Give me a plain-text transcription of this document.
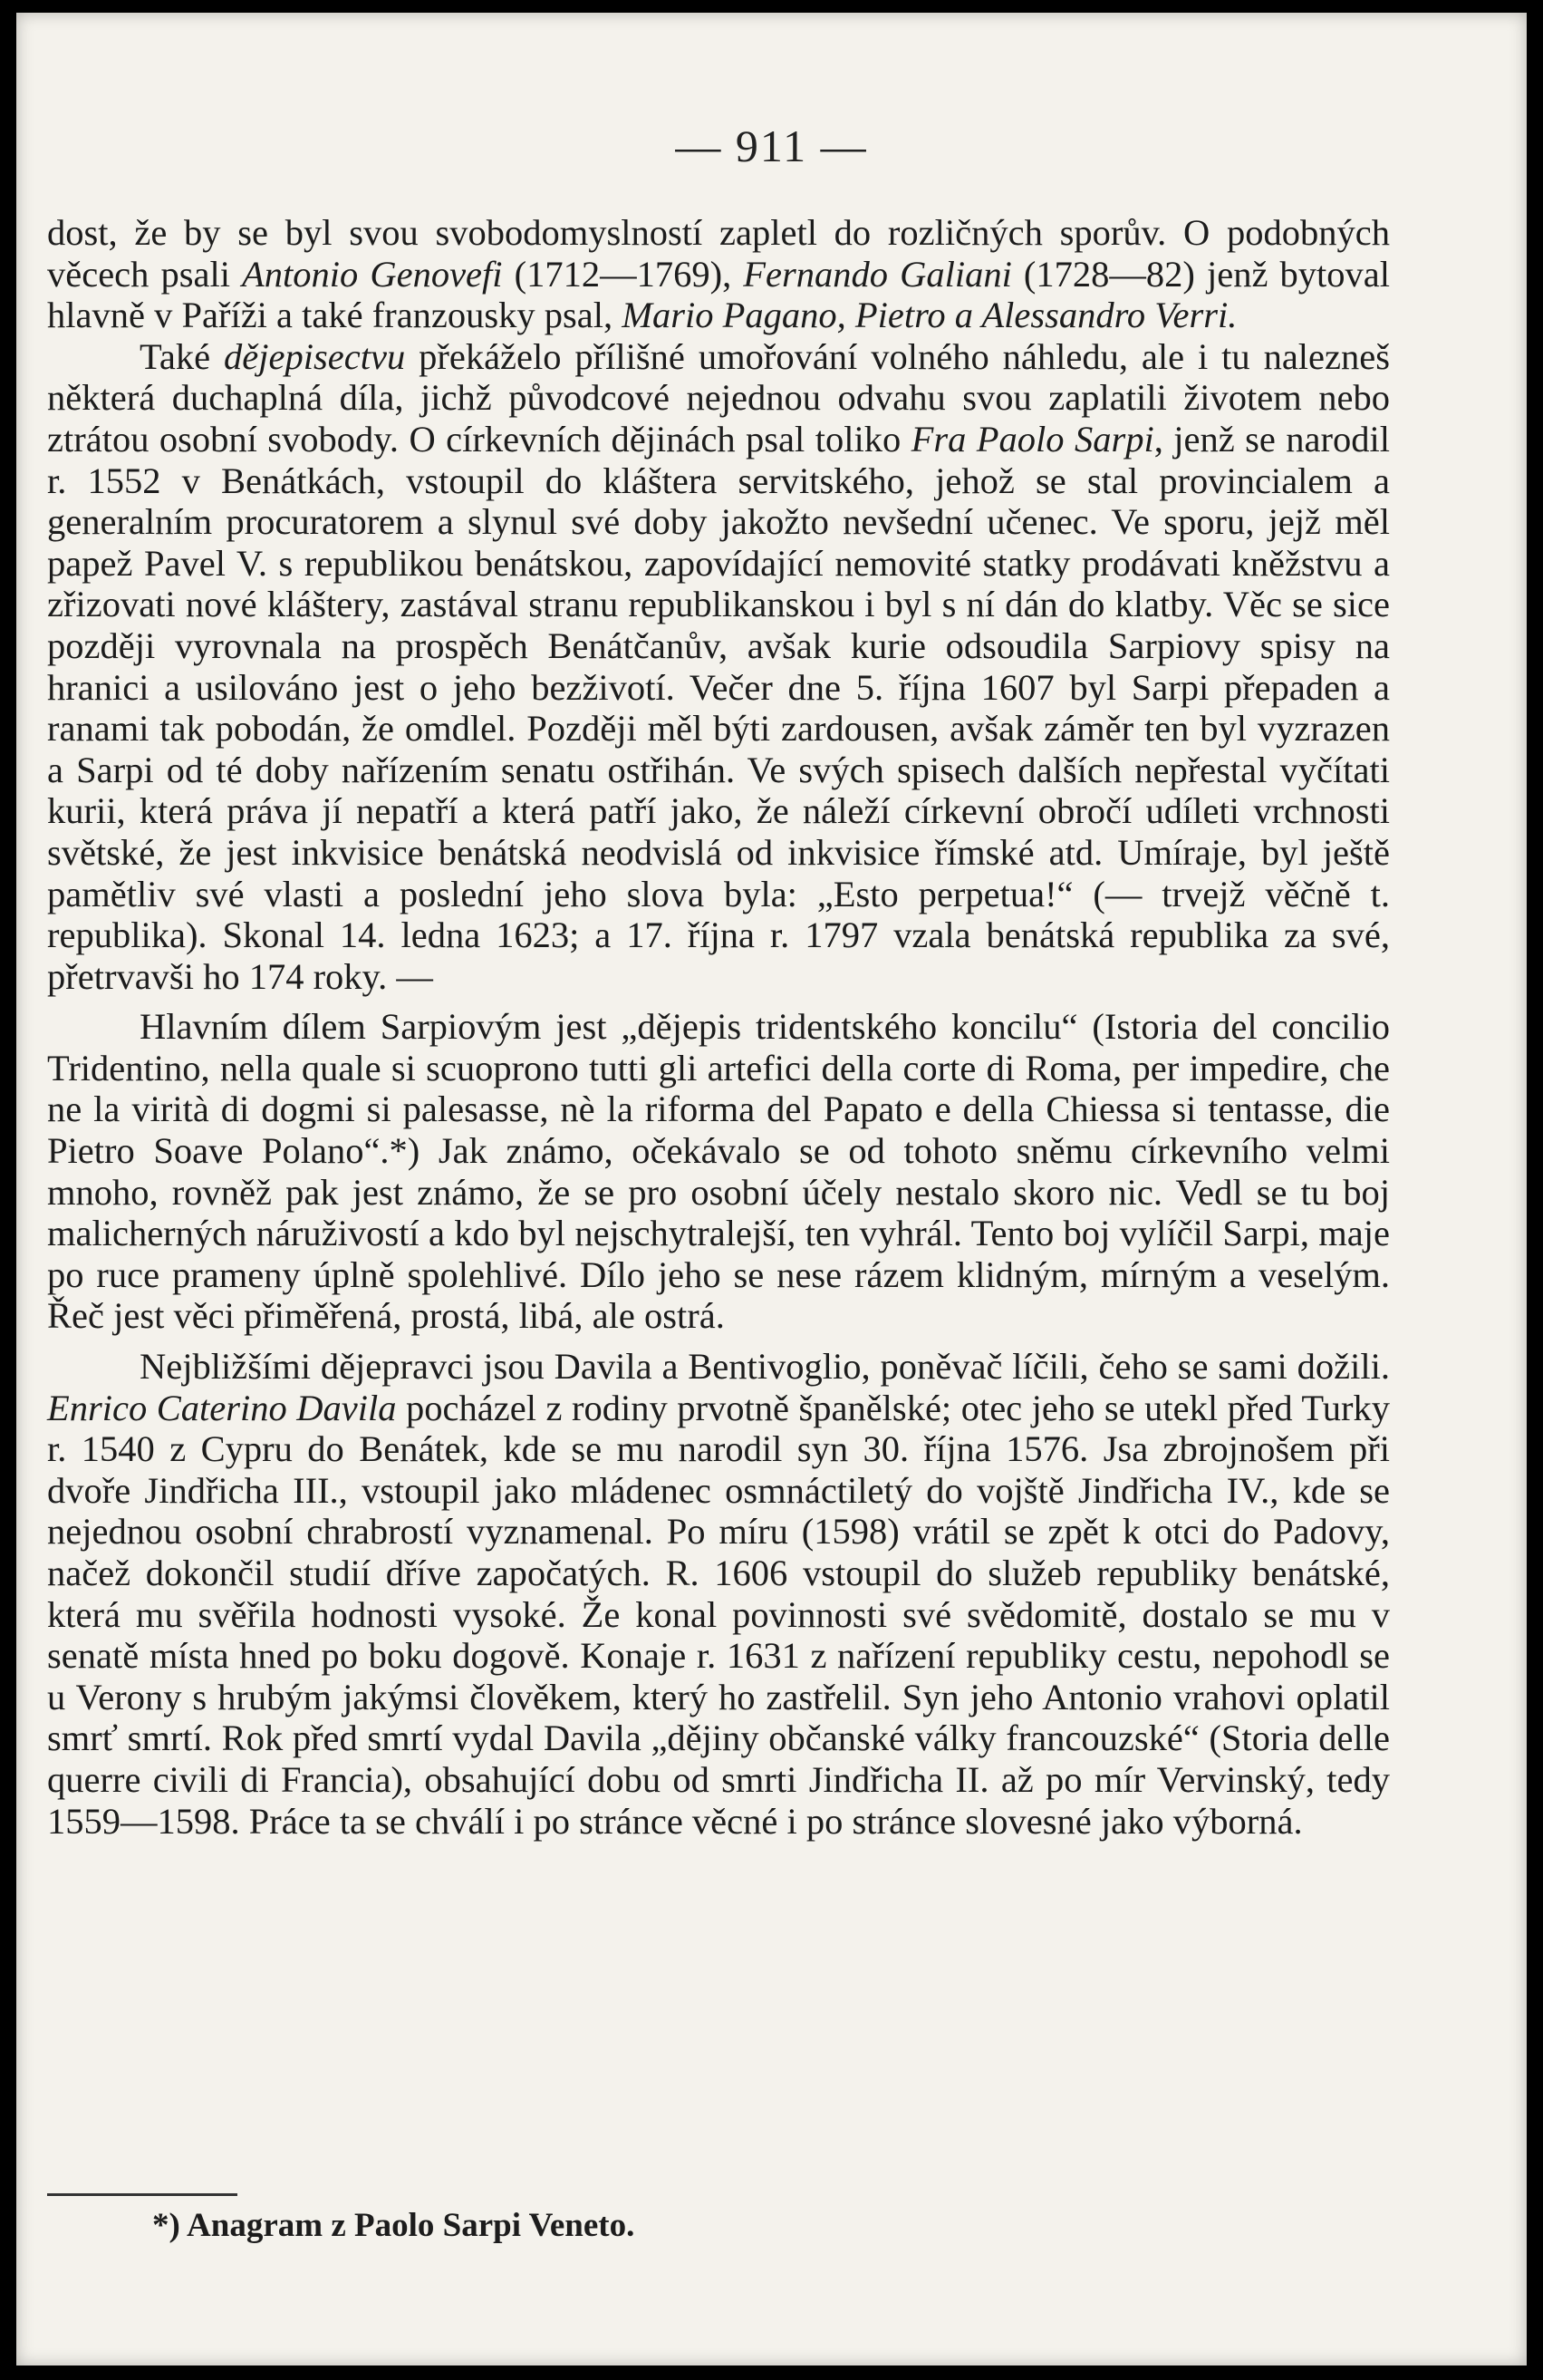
— 911 —

dost, že by se byl svou svobodomyslností zapletl do rozličných sporův. O podobných věcech psali Antonio Genovefi (1712—1769), Fernando Galiani (1728—82) jenž bytoval hlavně v Paříži a také franzousky psal, Mario Pagano, Pietro a Alessandro Verri.

Také dějepisectvu překáželo přílišné umořování volného náhledu, ale i tu nalezneš některá duchaplná díla, jichž původcové nejednou odvahu svou zaplatili životem nebo ztrátou osobní svobody. O církevních dějinách psal toliko Fra Paolo Sarpi, jenž se narodil r. 1552 v Benátkách, vstoupil do kláštera servitského, jehož se stal provincialem a generalním procuratorem a slynul své doby jakožto nevšední učenec. Ve sporu, jejž měl papež Pavel V. s republikou benátskou, zapovídající nemovité statky prodávati kněžstvu a zřizovati nové kláštery, zastával stranu republikanskou i byl s ní dán do klatby. Věc se sice později vyrovnala na prospěch Benátčanův, avšak kurie odsoudila Sarpiovy spisy na hranici a usilováno jest o jeho bezživotí. Večer dne 5. října 1607 byl Sarpi přepaden a ranami tak pobodán, že omdlel. Později měl býti zardousen, avšak záměr ten byl vyzrazen a Sarpi od té doby nařízením senatu ostřihán. Ve svých spisech dalších nepřestal vyčítati kurii, která práva jí nepatří a která patří jako, že náleží církevní obročí udíleti vrchnosti světské, že jest inkvisice benátská neodvislá od inkvisice římské atd. Umíraje, byl ještě pamětliv své vlasti a poslední jeho slova byla: „Esto perpetua!“ (— trvejž věčně t. republika). Skonal 14. ledna 1623; a 17. října r. 1797 vzala benátská republika za své, přetrvavši ho 174 roky. —

Hlavním dílem Sarpiovým jest „dějepis tridentského koncilu“ (Istoria del concilio Tridentino, nella quale si scuoprono tutti gli artefici della corte di Roma, per impedire, che ne la virità di dogmi si palesasse, nè la riforma del Papato e della Chiessa si tentasse, die Pietro Soave Polano“.*) Jak známo, očekávalo se od tohoto sněmu církevního velmi mnoho, rovněž pak jest známo, že se pro osobní účely nestalo skoro nic. Vedl se tu boj malicherných náruživostí a kdo byl nejschytralejší, ten vyhrál. Tento boj vylíčil Sarpi, maje po ruce prameny úplně spolehlivé. Dílo jeho se nese rázem klidným, mírným a veselým. Řeč jest věci přiměřená, prostá, libá, ale ostrá.

Nejbližšími dějepravci jsou Davila a Bentivoglio, poněvač líčili, čeho se sami dožili. Enrico Caterino Davila pocházel z rodiny prvotně španělské; otec jeho se utekl před Turky r. 1540 z Cypru do Benátek, kde se mu narodil syn 30. října 1576. Jsa zbrojnošem při dvoře Jindřicha III., vstoupil jako mládenec osmnáctiletý do vojště Jindřicha IV., kde se nejednou osobní chrabrostí vyznamenal. Po míru (1598) vrátil se zpět k otci do Padovy, načež dokončil studií dříve započatých. R. 1606 vstoupil do služeb republiky benátské, která mu svěřila hodnosti vysoké. Že konal povinnosti své svědomitě, dostalo se mu v senatě místa hned po boku dogově. Konaje r. 1631 z nařízení republiky cestu, nepohodl se u Verony s hrubým jakýmsi člověkem, který ho zastřelil. Syn jeho Antonio vrahovi oplatil smrť smrtí. Rok před smrtí vydal Davila „dějiny občanské války francouzské“ (Storia delle querre civili di Francia), obsahující dobu od smrti Jindřicha II. až po mír Vervinský, tedy 1559—1598. Práce ta se chválí i po stránce věcné i po stránce slovesné jako výborná.

*) Anagram z Paolo Sarpi Veneto.
